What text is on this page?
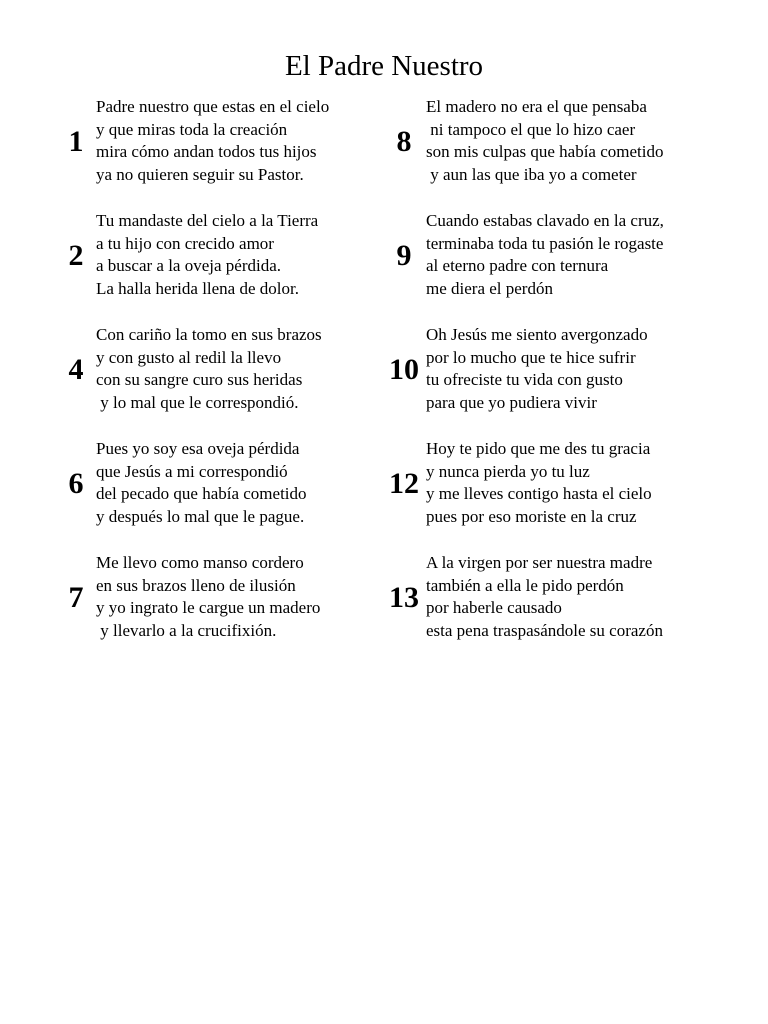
El Padre Nuestro
1
Padre nuestro que estas en el cielo
y que miras toda la creación
mira cómo andan todos tus hijos
ya no quieren seguir su Pastor.
2
Tu mandaste del cielo a la Tierra
a tu hijo con crecido amor
a buscar a la oveja pérdida.
La halla herida llena de dolor.
4
Con cariño la tomo en sus brazos
y con gusto al redil la llevo
con su sangre curo sus heridas
y lo mal que le correspondió.
6
Pues yo soy esa oveja pérdida
que Jesús a mi correspondió
del pecado que había cometido
y después lo mal que le pague.
7
Me llevo como manso cordero
en sus brazos lleno de ilusión
y yo ingrato le cargue un madero
y llevarlo a la crucifixión.
8
El madero no era el que pensaba
ni tampoco el que lo hizo caer
son mis culpas que había cometido
y aun las que iba yo a cometer
9
Cuando estabas clavado en la cruz,
terminaba toda tu pasión le rogaste
al eterno padre con ternura
me diera el perdón
10
Oh Jesús me siento avergonzado
por lo mucho que te hice sufrir
tu ofreciste tu vida con gusto
para que yo pudiera vivir
12
Hoy te pido que me des tu gracia
y nunca pierda yo tu luz
y me lleves contigo hasta el cielo
pues por eso moriste en la cruz
13
A la virgen por ser nuestra madre
también a ella le pido perdón
por haberle causado
esta pena traspasándole su corazón
